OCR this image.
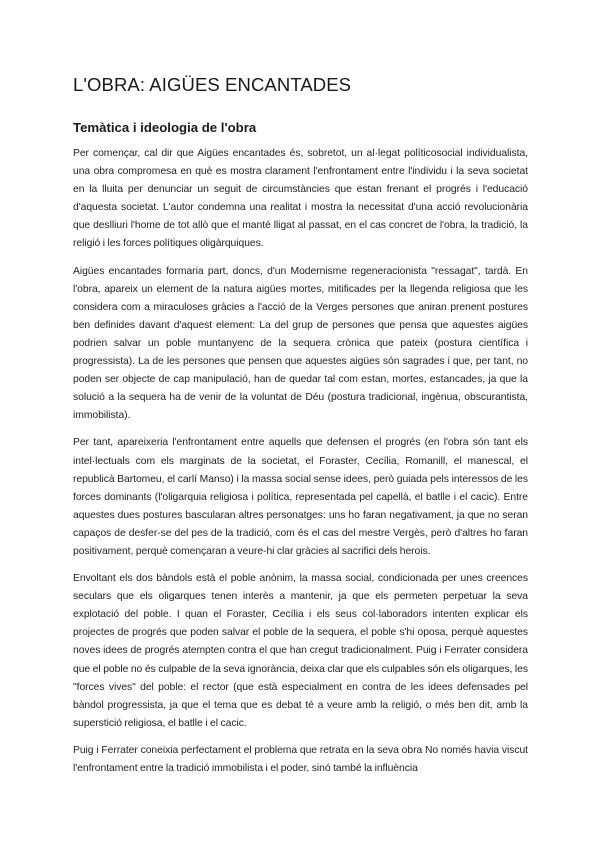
L'OBRA: AIGÜES ENCANTADES
Temàtica i ideologia de l'obra

Per començar, cal dir que Aigües encantades és, sobretot, un al·legat políticosocial individualista, una obra compromesa en què es mostra clarament l'enfrontament entre l'individu i la seva societat en la lluita per denunciar un seguit de circumstàncies que estan frenant el progrés i l'educació d'aquesta societat. L'autor condemna una realitat i mostra la necessitat d'una acció revolucionària que deslliuri l'home de tot allò que el manté lligat al passat, en el cas concret de l'obra, la tradició, la religió i les forces polítiques oligàrquiques.

Aigües encantades formaria part, doncs, d'un Modernisme regeneracionista "ressagat", tardà. En l'obra, apareix un element de la natura aigües mortes, mitificades per la llegenda religiosa que les considera com a miraculoses gràcies a l'acció de la Verges persones que aniran prenent postures ben definides davant d'aquest element: La del grup de persones que pensa que aquestes aigües podrien salvar un poble muntanyenc de la sequera crònica que pateix (postura científica i progressista). La de les persones que pensen que aquestes aigües són sagrades i que, per tant, no poden ser objecte de cap manipulació, han de quedar tal com estan, mortes, estancades, ja que la solució a la sequera ha de venir de la voluntat de Déu (postura tradicional, ingènua, obscurantista, immobilista).

Per tant, apareixeria l'enfrontament entre aquells que defensen el progrés (en l'obra són tant els intel·lectuals com els marginats de la societat, el Foraster, Cecília, Romanill, el manescal, el republicà Bartomeu, el carlí Manso) i la massa social sense idees, però guiada pels interessos de les forces dominants (l'oligarquia religiosa i política, representada pel capellà, el batlle i el cacic). Entre aquestes dues postures bascularan altres personatges: uns ho faran negativament, ja que no seran capaços de desfer-se del pes de la tradició, com és el cas del mestre Vergès, però d'altres ho faran positivament, perquè començaran a veure-hi clar gràcies al sacrifici dels herois.

Envoltant els dos bàndols està el poble anònim, la massa social, condicionada per unes creences seculars que els oligarques tenen interès a mantenir, ja que els permeten perpetuar la seva explotació del poble. I quan el Foraster, Cecília i els seus col·laboradors intenten explicar els projectes de progrés que poden salvar el poble de la sequera, el poble s'hi oposa, perquè aquestes noves idees de progrés atempten contra el que han cregut tradicionalment. Puig i Ferrater considera que el poble no és culpable de la seva ignorància, deixa clar que els culpables són els oligarques, les "forces vives" del poble: el rector (que està especialment en contra de les idees defensades pel bàndol progressista, ja que el tema que es debat té a veure amb la religió, o més ben dit, amb la superstició religiosa, el batlle i el cacic.

Puig i Ferrater coneixia perfectament el problema que retrata en la seva obra No només havia viscut l'enfrontament entre la tradició immobilista i el poder, sinó també la influència
